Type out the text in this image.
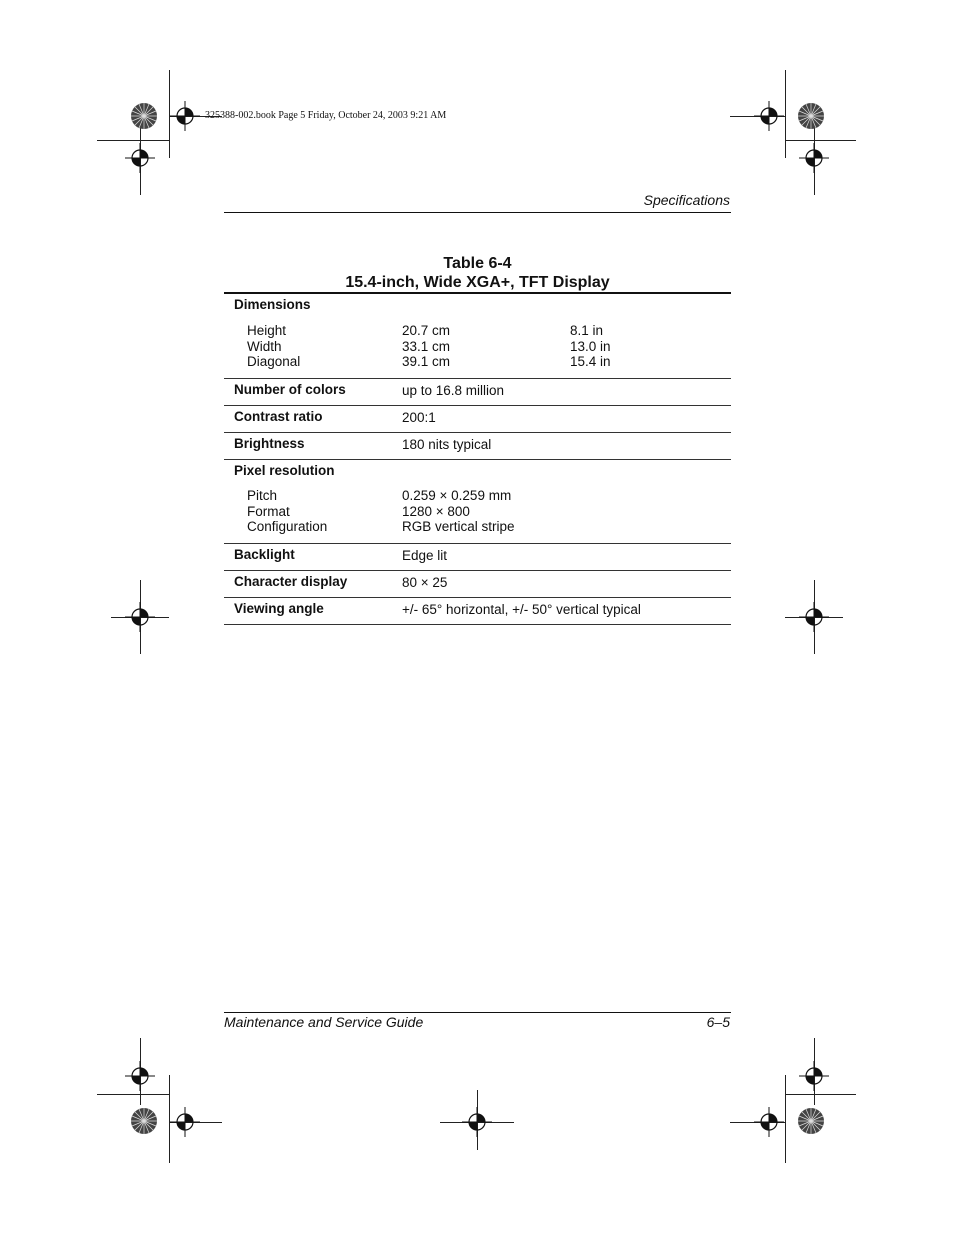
325388-002.book Page 5 Friday, October 24, 2003 9:21 AM
Specifications
Table 6-4
15.4-inch, Wide XGA+, TFT Display
Dimensions
Height	20.7 cm	8.1 in
Width	33.1 cm	13.0 in
Diagonal	39.1 cm	15.4 in
Number of colors	up to 16.8 million
Contrast ratio	200:1
Brightness	180 nits typical
Pixel resolution
Pitch	0.259 × 0.259 mm
Format	1280 × 800
Configuration	RGB vertical stripe
Backlight	Edge lit
Character display	80 × 25
Viewing angle	+/- 65° horizontal, +/- 50° vertical typical
Maintenance and Service Guide	6–5
